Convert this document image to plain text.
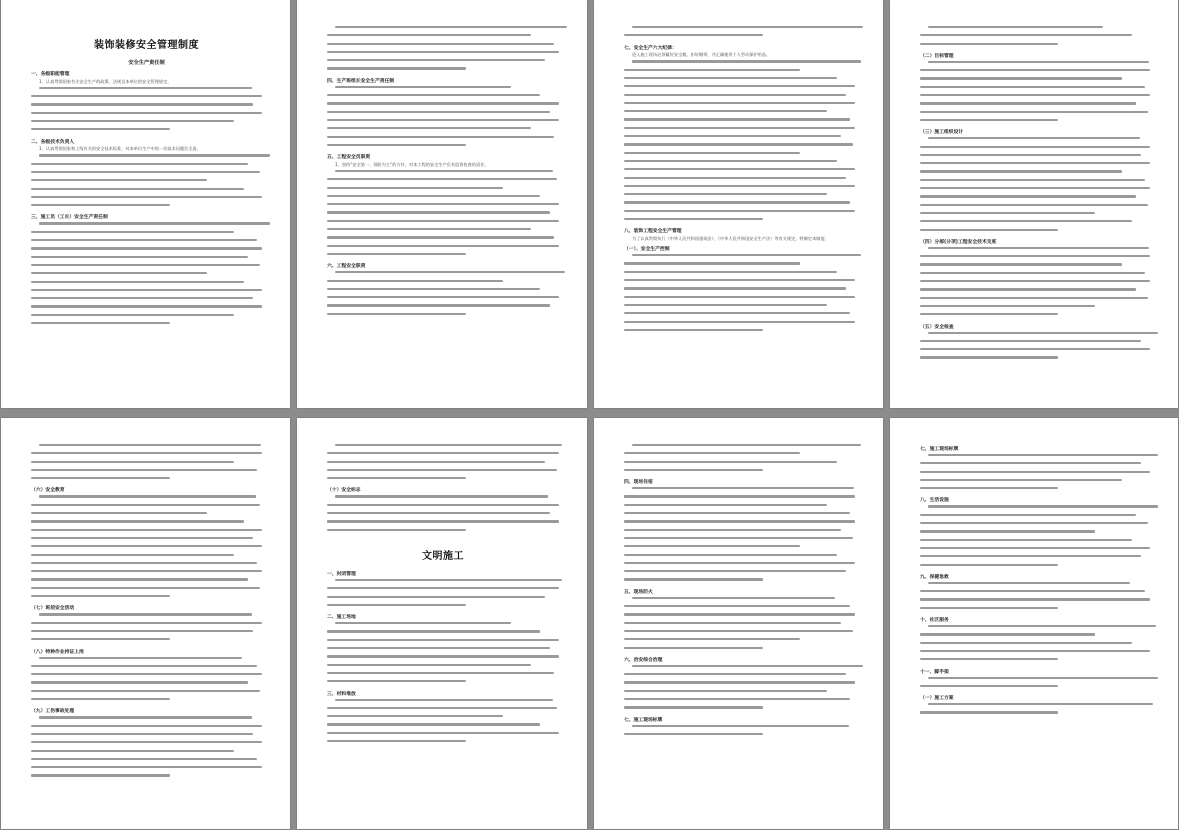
装饰装修安全管理制度
安全生产责任制
一、各级职能管理
1、认真贯彻国家有关安全生产的政策、法规及本单位的安全管理规定。
二、各级技术负责人
1、认真贯彻国家和上级有关的安全技术标准，对本单位生产中的一切技术问题负全责。
三、施工员（工长）安全生产责任制
四、生产班组长安全生产责任制
五、工程安全员职责
1、坚持“安全第一、预防为主”的方针，对本工程的安全生产负有监督检查的责任。
六、工程安全职责
七、安全生产六大纪律：
进入施工现场必须戴好安全帽，扣好帽带，并正确使用个人劳动保护用品。
八、装饰工程安全生产管理
为了认真贯彻执行《中华人民共和国建筑法》、《中华人民共和国安全生产法》等有关规定，特制定本制度。
（一）、安全生产控制
（二）目标管理
（三）施工组织设计
（四）分部(分项)工程安全技术交底
（五）安全检查
（六）安全教育
（七）班前安全活动
（八）特种作业持证上岗
（九）工伤事故处理
（十）安全标志
文明施工
一、封闭管理
二、施工场地
三、材料堆放
四、现场住宿
五、现场防火
六、治安综合治理
七、施工现场标牌
七、施工现场标牌
八、生活设施
九、保健急救
十、社区服务
十一、脚手架
（一）施工方案
